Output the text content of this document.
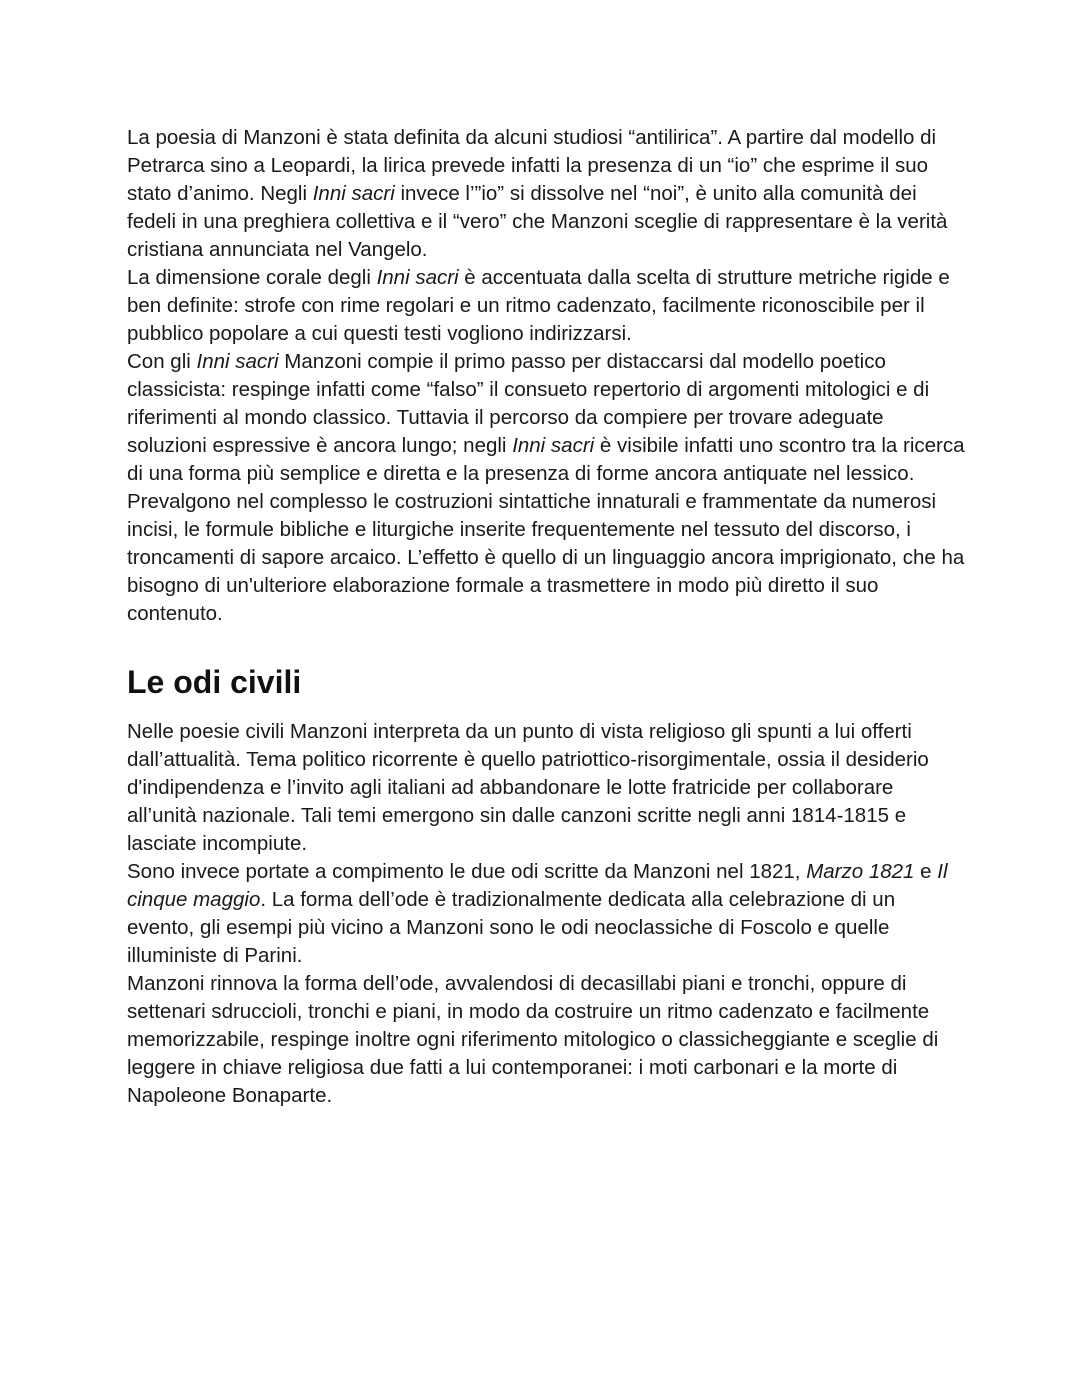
La poesia di Manzoni è stata definita da alcuni studiosi “antilirica”. A partire dal modello di Petrarca sino a Leopardi, la lirica prevede infatti la presenza di un “io” che esprime il suo stato d’animo. Negli Inni sacri invece l’”io” si dissolve nel “noi”, è unito alla comunità dei fedeli in una preghiera collettiva e il “vero” che Manzoni sceglie di rappresentare è la verità cristiana annunciata nel Vangelo.

La dimensione corale degli Inni sacri è accentuata dalla scelta di strutture metriche rigide e ben definite: strofe con rime regolari e un ritmo cadenzato, facilmente riconoscibile per il pubblico popolare a cui questi testi vogliono indirizzarsi.

Con gli Inni sacri Manzoni compie il primo passo per distaccarsi dal modello poetico classicista: respinge infatti come “falso” il consueto repertorio di argomenti mitologici e di riferimenti al mondo classico. Tuttavia il percorso da compiere per trovare adeguate soluzioni espressive è ancora lungo; negli Inni sacri è visibile infatti uno scontro tra la ricerca di una forma più semplice e diretta e la presenza di forme ancora antiquate nel lessico.

Prevalgono nel complesso le costruzioni sintattiche innaturali e frammentate da numerosi incisi, le formule bibliche e liturgiche inserite frequentemente nel tessuto del discorso, i troncamenti di sapore arcaico. L’effetto è quello di un linguaggio ancora imprigionato, che ha bisogno di un'ulteriore elaborazione formale a trasmettere in modo più diretto il suo contenuto.

Le odi civili

Nelle poesie civili Manzoni interpreta da un punto di vista religioso gli spunti a lui offerti dall’attualità. Tema politico ricorrente è quello patriottico-risorgimentale, ossia il desiderio d'indipendenza e l’invito agli italiani ad abbandonare le lotte fratricide per collaborare all’unità nazionale. Tali temi emergono sin dalle canzoni scritte negli anni 1814-1815 e lasciate incompiute.

Sono invece portate a compimento le due odi scritte da Manzoni nel 1821, Marzo 1821 e Il cinque maggio. La forma dell’ode è tradizionalmente dedicata alla celebrazione di un evento, gli esempi più vicino a Manzoni sono le odi neoclassiche di Foscolo e quelle illuministe di Parini.

Manzoni rinnova la forma dell’ode, avvalendosi di decasillabi piani e tronchi, oppure di settenari sdruccioli, tronchi e piani, in modo da costruire un ritmo cadenzato e facilmente memorizzabile, respinge inoltre ogni riferimento mitologico o classicheggiante e sceglie di leggere in chiave religiosa due fatti a lui contemporanei: i moti carbonari e la morte di Napoleone Bonaparte.
